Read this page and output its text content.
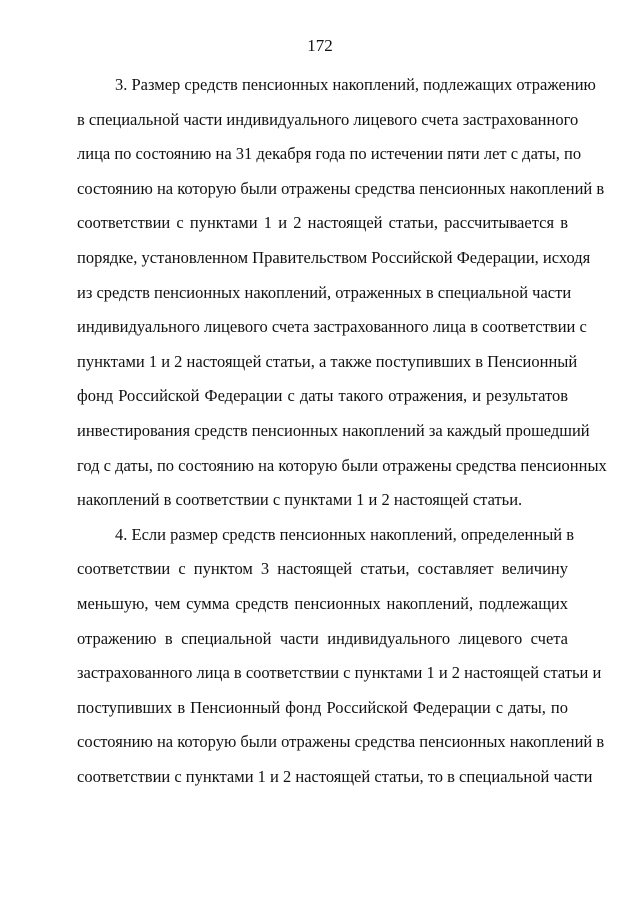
172

3. Размер средств пенсионных накоплений, подлежащих отражению
в специальной части индивидуального лицевого счета застрахованного
лица по состоянию на 31 декабря года по истечении пяти лет с даты, по
состоянию на которую были отражены средства пенсионных накоплений в
соответствии с пунктами 1 и 2 настоящей статьи, рассчитывается в
порядке, установленном Правительством Российской Федерации, исходя
из средств пенсионных накоплений, отраженных в специальной части
индивидуального лицевого счета застрахованного лица в соответствии с
пунктами 1 и 2 настоящей статьи, а также поступивших в Пенсионный
фонд Российской Федерации с даты такого отражения, и результатов
инвестирования средств пенсионных накоплений за каждый прошедший
год с даты, по состоянию на которую были отражены средства пенсионных
накоплений в соответствии с пунктами 1 и 2 настоящей статьи.

4. Если размер средств пенсионных накоплений, определенный в
соответствии с пунктом 3 настоящей статьи, составляет величину
меньшую, чем сумма средств пенсионных накоплений, подлежащих
отражению в специальной части индивидуального лицевого счета
застрахованного лица в соответствии с пунктами 1 и 2 настоящей статьи и
поступивших в Пенсионный фонд Российской Федерации с даты, по
состоянию на которую были отражены средства пенсионных накоплений в
соответствии с пунктами 1 и 2 настоящей статьи, то в специальной части
